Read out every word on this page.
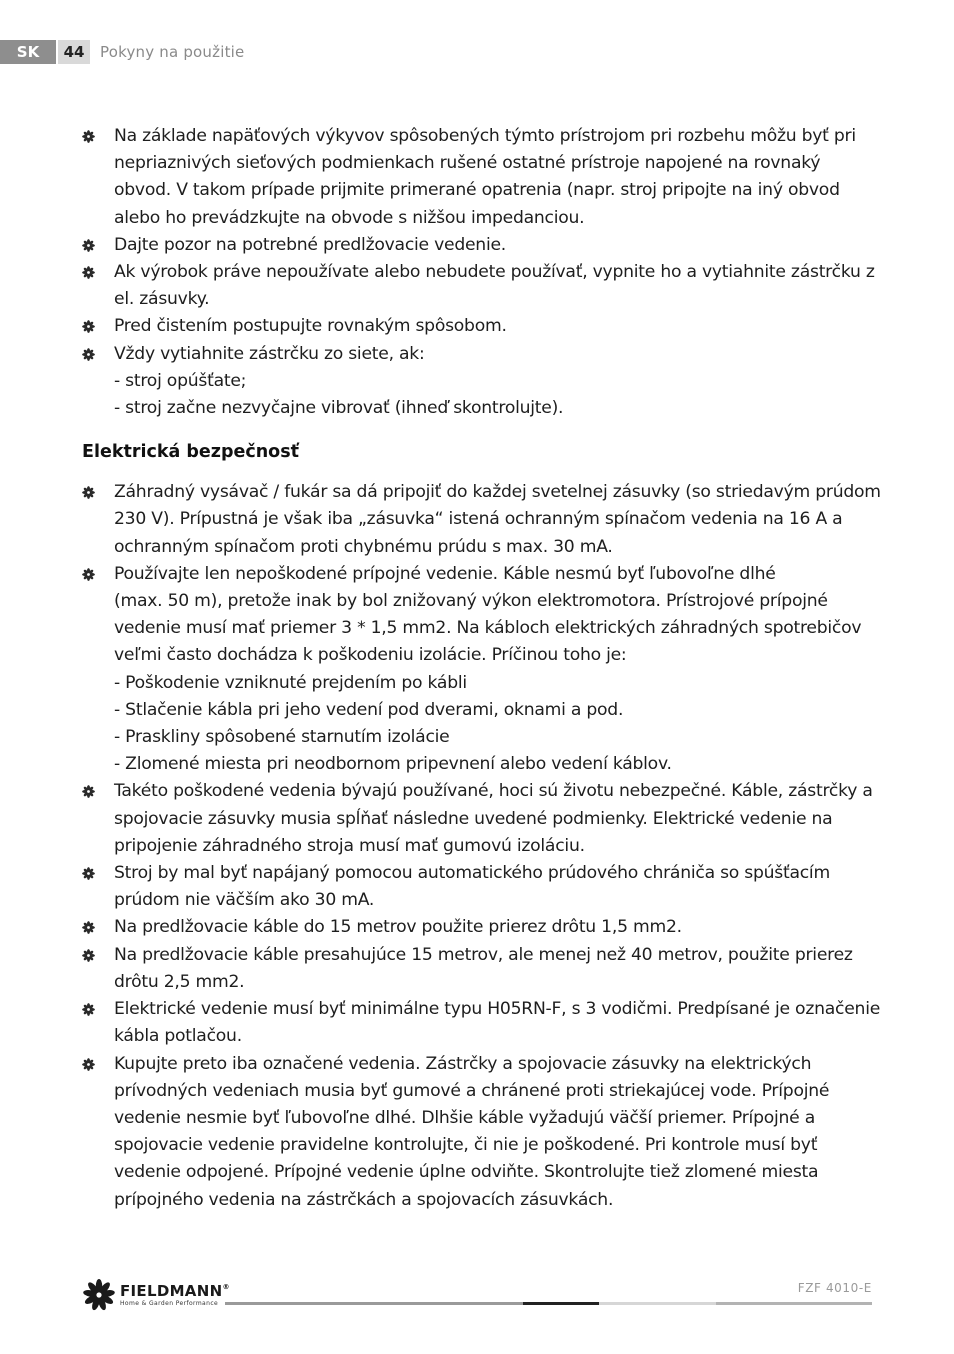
SK	44	Pokyny na použitie
Na základe napäťových výkyvov spôsobených týmto prístrojom pri rozbehu môžu byť pri nepriaznivých sieťových podmienkach rušené ostatné prístroje napojené na rovnaký obvod. V takom prípade prijmite primerané opatrenia (napr. stroj pripojte na iný obvod alebo ho prevádzkujte na obvode s nižšou impedanciou.
Dajte pozor na potrebné predlžovacie vedenie.
Ak výrobok práve nepoužívate alebo nebudete používať, vypnite ho a vytiahnite zástrčku z el. zásuvky.
Pred čistením postupujte rovnakým spôsobom.
Vždy vytiahnite zástrčku zo siete, ak:
- stroj opúšťate;
- stroj začne nezvyčajne vibrovať (ihneď skontrolujte).
Elektrická bezpečnosť
Záhradný vysávač / fukár sa dá pripojiť do každej svetelnej zásuvky (so striedavým prúdom 230 V). Prípustná je však iba „zásuvka“ istená ochranným spínačom vedenia na 16 A a ochranným spínačom proti chybnému prúdu s max. 30 mA.
Používajte len nepoškodené prípojné vedenie. Káble nesmú byť ľubovoľne dlhé
(max. 50 m), pretože inak by bol znižovaný výkon elektromotora. Prístrojové prípojné vedenie musí mať priemer 3 * 1,5 mm2. Na kábloch elektrických záhradných spotrebičov veľmi často dochádza k poškodeniu izolácie. Príčinou toho je:
- Poškodenie vzniknuté prejdením po kábli
- Stlačenie kábla pri jeho vedení pod dverami, oknami a pod.
- Praskliny spôsobené starnutím izolácie
- Zlomené miesta pri neodbornom pripevnení alebo vedení káblov.
Takéto poškodené vedenia bývajú používané, hoci sú životu nebezpečné. Káble, zástrčky a spojovacie zásuvky musia spĺňať následne uvedené podmienky. Elektrické vedenie na pripojenie záhradného stroja musí mať gumovú izoláciu.
Stroj by mal byť napájaný pomocou automatického prúdového chrániča so spúšťacím prúdom nie väčším ako 30 mA.
Na predlžovacie káble do 15 metrov použite prierez drôtu 1,5 mm2.
Na predlžovacie káble presahujúce 15 metrov, ale menej než 40 metrov, použite prierez drôtu 2,5 mm2.
Elektrické vedenie musí byť minimálne typu H05RN-F, s 3 vodičmi. Predpísané je označenie kábla potlačou.
Kupujte preto iba označené vedenia. Zástrčky a spojovacie zásuvky na elektrických prívodných vedeniach musia byť gumové a chránené proti striekajúcej vode. Prípojné vedenie nesmie byť ľubovoľne dlhé. Dlhšie káble vyžadujú väčší priemer. Prípojné a spojovacie vedenie pravidelne kontrolujte, či nie je poškodené. Pri kontrole musí byť vedenie odpojené. Prípojné vedenie úplne odviňte. Skontrolujte tiež zlomené miesta prípojného vedenia na zástrčkách a spojovacích zásuvkách.
FIELDMANN®
Home & Garden Performance
FZF 4010-E
